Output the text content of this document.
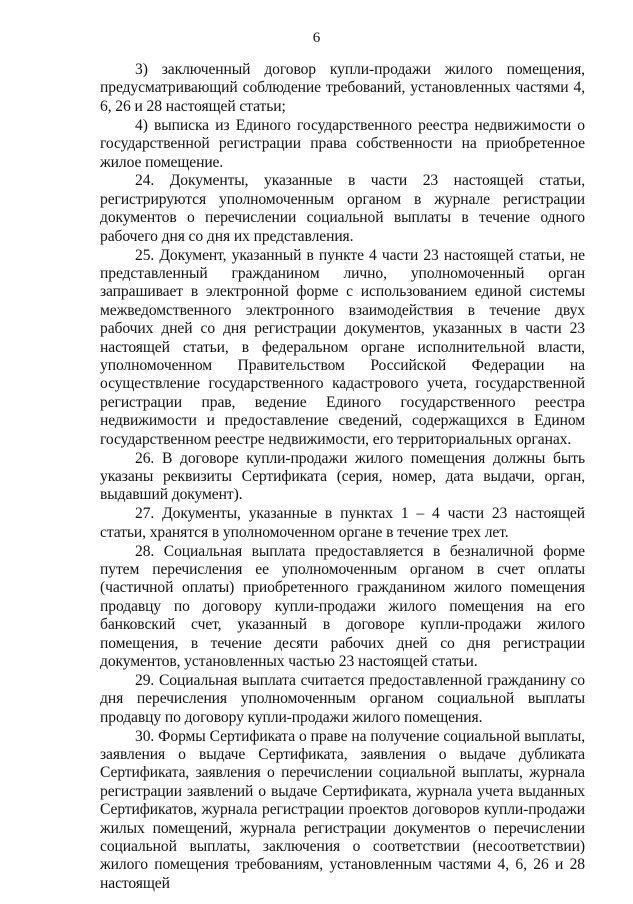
6

3) заключенный договор купли-продажи жилого помещения, предусматривающий соблюдение требований, установленных частями 4, 6, 26 и 28 настоящей статьи;

4) выписка из Единого государственного реестра недвижимости о государственной регистрации права собственности на приобретенное жилое помещение.

24. Документы, указанные в части 23 настоящей статьи, регистрируются уполномоченным органом в журнале регистрации документов о перечислении социальной выплаты в течение одного рабочего дня со дня их представления.

25. Документ, указанный в пункте 4 части 23 настоящей статьи, не представленный гражданином лично, уполномоченный орган запрашивает в электронной форме с использованием единой системы межведомственного электронного взаимодействия в течение двух рабочих дней со дня регистрации документов, указанных в части 23 настоящей статьи, в федеральном органе исполнительной власти, уполномоченном Правительством Российской Федерации на осуществление государственного кадастрового учета, государственной регистрации прав, ведение Единого государственного реестра недвижимости и предоставление сведений, содержащихся в Едином государственном реестре недвижимости, его территориальных органах.

26. В договоре купли-продажи жилого помещения должны быть указаны реквизиты Сертификата (серия, номер, дата выдачи, орган, выдавший документ).

27. Документы, указанные в пунктах 1 – 4 части 23 настоящей статьи, хранятся в уполномоченном органе в течение трех лет.

28. Социальная выплата предоставляется в безналичной форме путем перечисления ее уполномоченным органом в счет оплаты (частичной оплаты) приобретенного гражданином жилого помещения продавцу по договору купли-продажи жилого помещения на его банковский счет, указанный в договоре купли-продажи жилого помещения, в течение десяти рабочих дней со дня регистрации документов, установленных частью 23 настоящей статьи.

29. Социальная выплата считается предоставленной гражданину со дня перечисления уполномоченным органом социальной выплаты продавцу по договору купли-продажи жилого помещения.

30. Формы Сертификата о праве на получение социальной выплаты, заявления о выдаче Сертификата, заявления о выдаче дубликата Сертификата, заявления о перечислении социальной выплаты, журнала регистрации заявлений о выдаче Сертификата, журнала учета выданных Сертификатов, журнала регистрации проектов договоров купли-продажи жилых помещений, журнала регистрации документов о перечислении социальной выплаты, заключения о соответствии (несоответствии) жилого помещения требованиям, установленным частями 4, 6, 26 и 28 настоящей
